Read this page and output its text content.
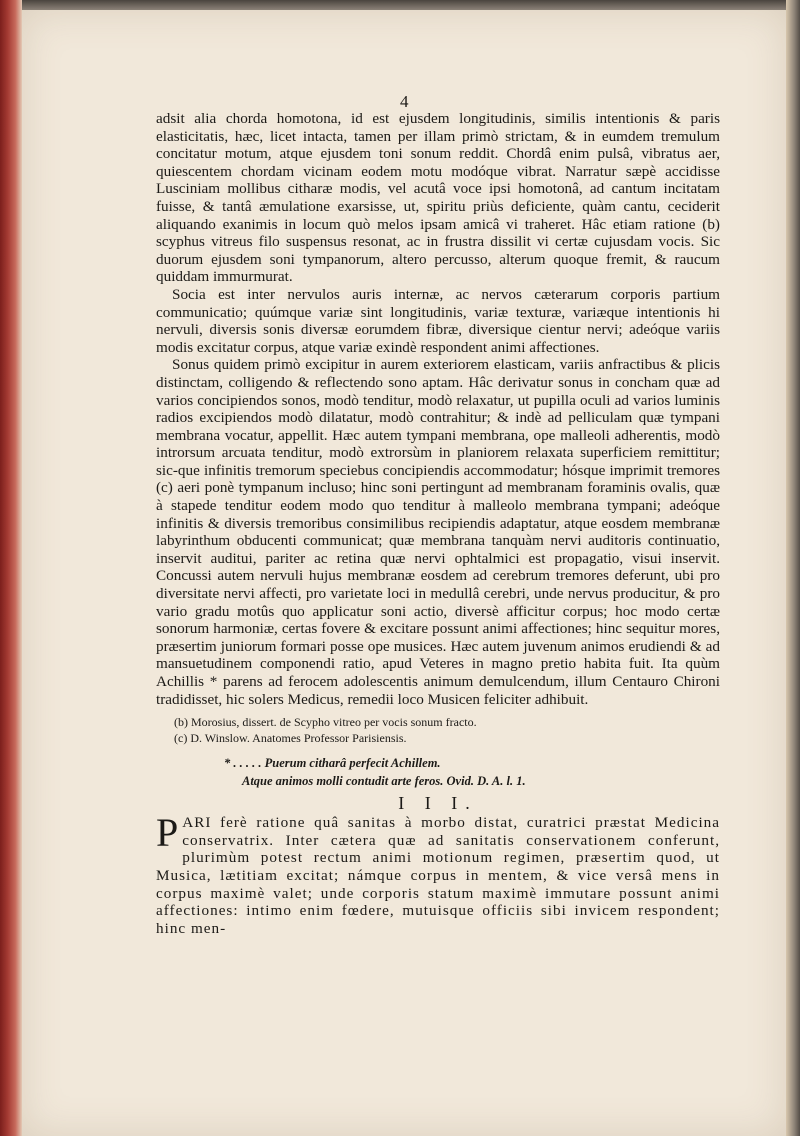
4

adsit alia chorda homotona, id est ejusdem longitudinis, similis intentionis & paris elasticitatis, hæc, licet intacta, tamen per illam primò strictam, & in eumdem tremulum concitatur motum, atque ejusdem toni sonum reddit. Chordâ enim pulsâ, vibratus aer, quiescentem chordam vicinam eodem motu modóque vibrat. Narratur sæpè accidisse Lusciniam mollibus citharæ modis, vel acutâ voce ipsi homotonâ, ad cantum incitatam fuisse, & tantâ æmulatione exarsisse, ut, spiritu priùs deficiente, quàm cantu, ceciderit aliquando exanimis in locum quò melos ipsam amicâ vi traheret. Hâc etiam ratione (b) scyphus vitreus filo suspensus resonat, ac in frustra dissilit vi certæ cujusdam vocis. Sic duorum ejusdem soni tympanorum, altero percusso, alterum quoque fremit, & raucum quiddam immurmurat.

Socia est inter nervulos auris internæ, ac nervos cæterarum corporis partium communicatio; quúmque variæ sint longitudinis, variæ texturæ, variæque intentionis hi nervuli, diversis sonis diversæ eorumdem fibræ, diversique cientur nervi; adeóque variis modis excitatur corpus, atque variæ exindè respondent animi affectiones.

Sonus quidem primò excipitur in aurem exteriorem elasticam, variis anfractibus & plicis distinctam, colligendo & reflectendo sono aptam. Hâc derivatur sonus in concham quæ ad varios concipiendos sonos, modò tenditur, modò relaxatur, ut pupilla oculi ad varios luminis radios excipiendos modò dilatatur, modò contrahitur; & indè ad pelliculam quæ tympani membrana vocatur, appellit. Hæc autem tympani membrana, ope malleoli adherentis, modò introrsum arcuata tenditur, modò extrorsùm in planiorem relaxata superficiem remittitur; sic-que infinitis tremorum speciebus concipiendis accommodatur; hósque imprimit tremores (c) aeri ponè tympanum incluso; hinc soni pertingunt ad membranam foraminis ovalis, quæ à stapede tenditur eodem modo quo tenditur à malleolo membrana tympani; adeóque infinitis & diversis tremoribus consimilibus recipiendis adaptatur, atque eosdem membranæ labyrinthum obducenti communicat; quæ membrana tanquàm nervi auditoris continuatio, inservit auditui, pariter ac retina quæ nervi ophtalmici est propagatio, visui inservit. Concussi autem nervuli hujus membranæ eosdem ad cerebrum tremores deferunt, ubi pro diversitate nervi affecti, pro varietate loci in medullâ cerebri, unde nervus producitur, & pro vario gradu motûs quo applicatur soni actio, diversè afficitur corpus; hoc modo certæ sonorum harmoniæ, certas fovere & excitare possunt animi affectiones; hinc sequitur mores, præsertim juniorum formari posse ope musices. Hæc autem juvenum animos erudiendi & ad mansuetudinem componendi ratio, apud Veteres in magno pretio habita fuit. Ita quùm Achillis * parens ad ferocem adolescentis animum demulcendum, illum Centauro Chironi tradidisset, hic solers Medicus, remedii loco Musicen feliciter adhibuit.

(b) Morosius, dissert. de Scypho vitreo per vocis sonum fracto.
(c) D. Winslow. Anatomes Professor Parisiensis.
* . . . . . Puerum citharâ perfecit Achillem.
Atque animos molli contudit arte feros. Ovid. D. A. l. 1.
I I I.

PARI ferè ratione quâ sanitas à morbo distat, curatrici præstat Medicina conservatrix. Inter cætera quæ ad sanitatis conservationem conferunt, plurimùm potest rectum animi motionum regimen, præsertim quod, ut Musica, lætitiam excitat; námque corpus in mentem, & vice versâ mens in corpus maximè valet; unde corporis statum maximè immutare possunt animi affectiones: intimo enim fœdere, mutuisque officiis sibi invicem respondent; hinc men-
